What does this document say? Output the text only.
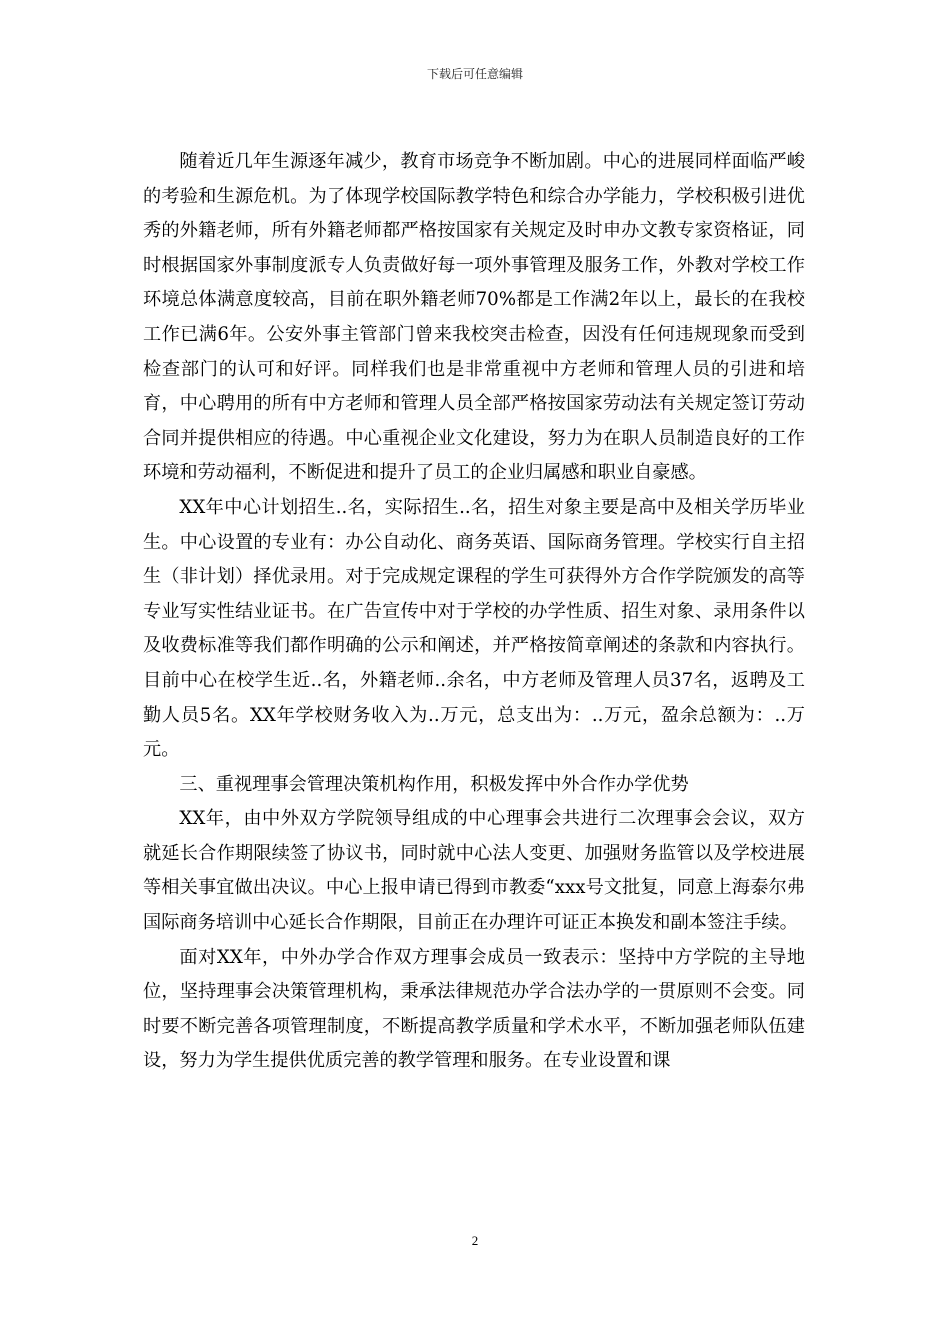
下载后可任意编辑

随着近几年生源逐年减少，教育市场竞争不断加剧。中心的进展同样面临严峻的考验和生源危机。为了体现学校国际教学特色和综合办学能力，学校积极引进优秀的外籍老师，所有外籍老师都严格按国家有关规定及时申办文教专家资格证，同时根据国家外事制度派专人负责做好每一项外事管理及服务工作，外教对学校工作环境总体满意度较高，目前在职外籍老师70%都是工作满2年以上，最长的在我校工作已满6年。公安外事主管部门曾来我校突击检查，因没有任何违规现象而受到检查部门的认可和好评。同样我们也是非常重视中方老师和管理人员的引进和培育，中心聘用的所有中方老师和管理人员全部严格按国家劳动法有关规定签订劳动合同并提供相应的待遇。中心重视企业文化建设，努力为在职人员制造良好的工作环境和劳动福利，不断促进和提升了员工的企业归属感和职业自豪感。

XX年中心计划招生..名，实际招生..名，招生对象主要是高中及相关学历毕业生。中心设置的专业有：办公自动化、商务英语、国际商务管理。学校实行自主招生（非计划）择优录用。对于完成规定课程的学生可获得外方合作学院颁发的高等专业写实性结业证书。在广告宣传中对于学校的办学性质、招生对象、录用条件以及收费标准等我们都作明确的公示和阐述，并严格按简章阐述的条款和内容执行。目前中心在校学生近..名，外籍老师..余名，中方老师及管理人员37名，返聘及工勤人员5名。XX年学校财务收入为..万元，总支出为：..万元，盈余总额为：..万元。

三、重视理事会管理决策机构作用，积极发挥中外合作办学优势

XX年，由中外双方学院领导组成的中心理事会共进行二次理事会会议，双方就延长合作期限续签了协议书，同时就中心法人变更、加强财务监管以及学校进展等相关事宜做出决议。中心上报申请已得到市教委“xxx号文批复，同意上海泰尔弗国际商务培训中心延长合作期限，目前正在办理许可证正本换发和副本签注手续。

面对XX年，中外办学合作双方理事会成员一致表示：坚持中方学院的主导地位，坚持理事会决策管理机构，秉承法律规范办学合法办学的一贯原则不会变。同时要不断完善各项管理制度，不断提高教学质量和学术水平，不断加强老师队伍建设，努力为学生提供优质完善的教学管理和服务。在专业设置和课

2
